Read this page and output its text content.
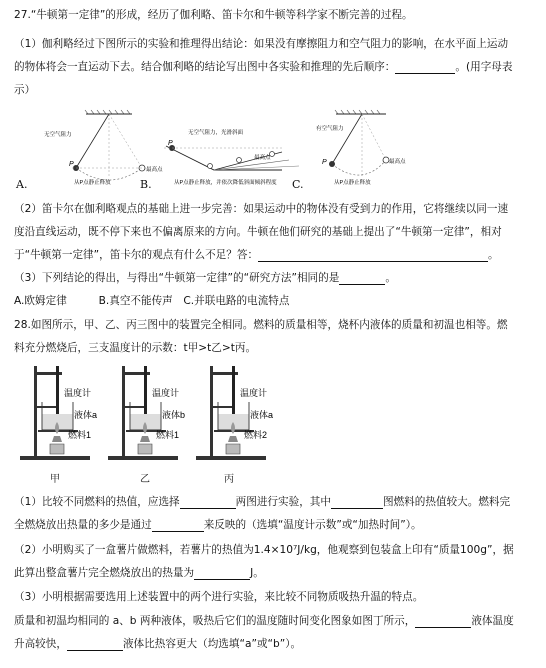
27.“牛顿第一定律”的形成，经历了伽利略、笛卡尔和牛顿等科学家不断完善的过程。
（1）伽利略经过下图所示的实验和推理得出结论：如果没有摩擦阻力和空气阻力的影响，在水平面上运动
的物体将会一直运动下去。结合伽利略的结论写出图中各实验和推理的先后顺序：	。(用字母表
示）
无空气阻力
P
最高点
从P点静止释放
无空气阻力，光滑斜面
P
最高点
从P点静止释放，并依次降低斜面倾斜程度
有空气阻力
P	最高点
从P点静止释放
A.	B.	C.
（2）笛卡尔在伽利略观点的基础上进一步完善：如果运动中的物体没有受到力的作用，它将继续以同一速
度沿直线运动，既不停下来也不偏离原来的方向。牛顿在他们研究的基础上提出了“牛顿第一定律”，相对
于“牛顿第一定律”，笛卡尔的观点有什么不足？答：	。
（3）下列结论的得出，与得出“牛顿第一定律”的“研究方法”相同的是	。
A.欧姆定律　　　B.真空不能传声　C.并联电路的电流特点
28.如图所示，甲、乙、丙三图中的装置完全相同。燃料的质量相等，烧杯内液体的质量和初温也相等。燃
料充分燃烧后，三支温度计的示数：t甲>t乙>t丙。
温度计
液体a
燃料1
温度计
液体b
燃料1
温度计
液体a
燃料2
甲	乙	丙
（1）比较不同燃料的热值，应选择	两图进行实验，其中	图燃料的热值较大。燃料完
全燃烧放出热量的多少是通过	来反映的（选填“温度计示数”或“加热时间”）。
（2）小明购买了一盒薯片做燃料，若薯片的热值为1.4×10⁷J/kg，他观察到包装盒上印有“质量100g”，据
此算出整盒薯片完全燃烧放出的热量为	J。
（3）小明根据需要选用上述装置中的两个进行实验，来比较不同物质吸热升温的特点。
质量和初温均相同的 a、b 两种液体，吸热后它们的温度随时间变化图象如图丁所示，	液体温度
升高较快，	液体比热容更大（均选填“a”或“b”）。
